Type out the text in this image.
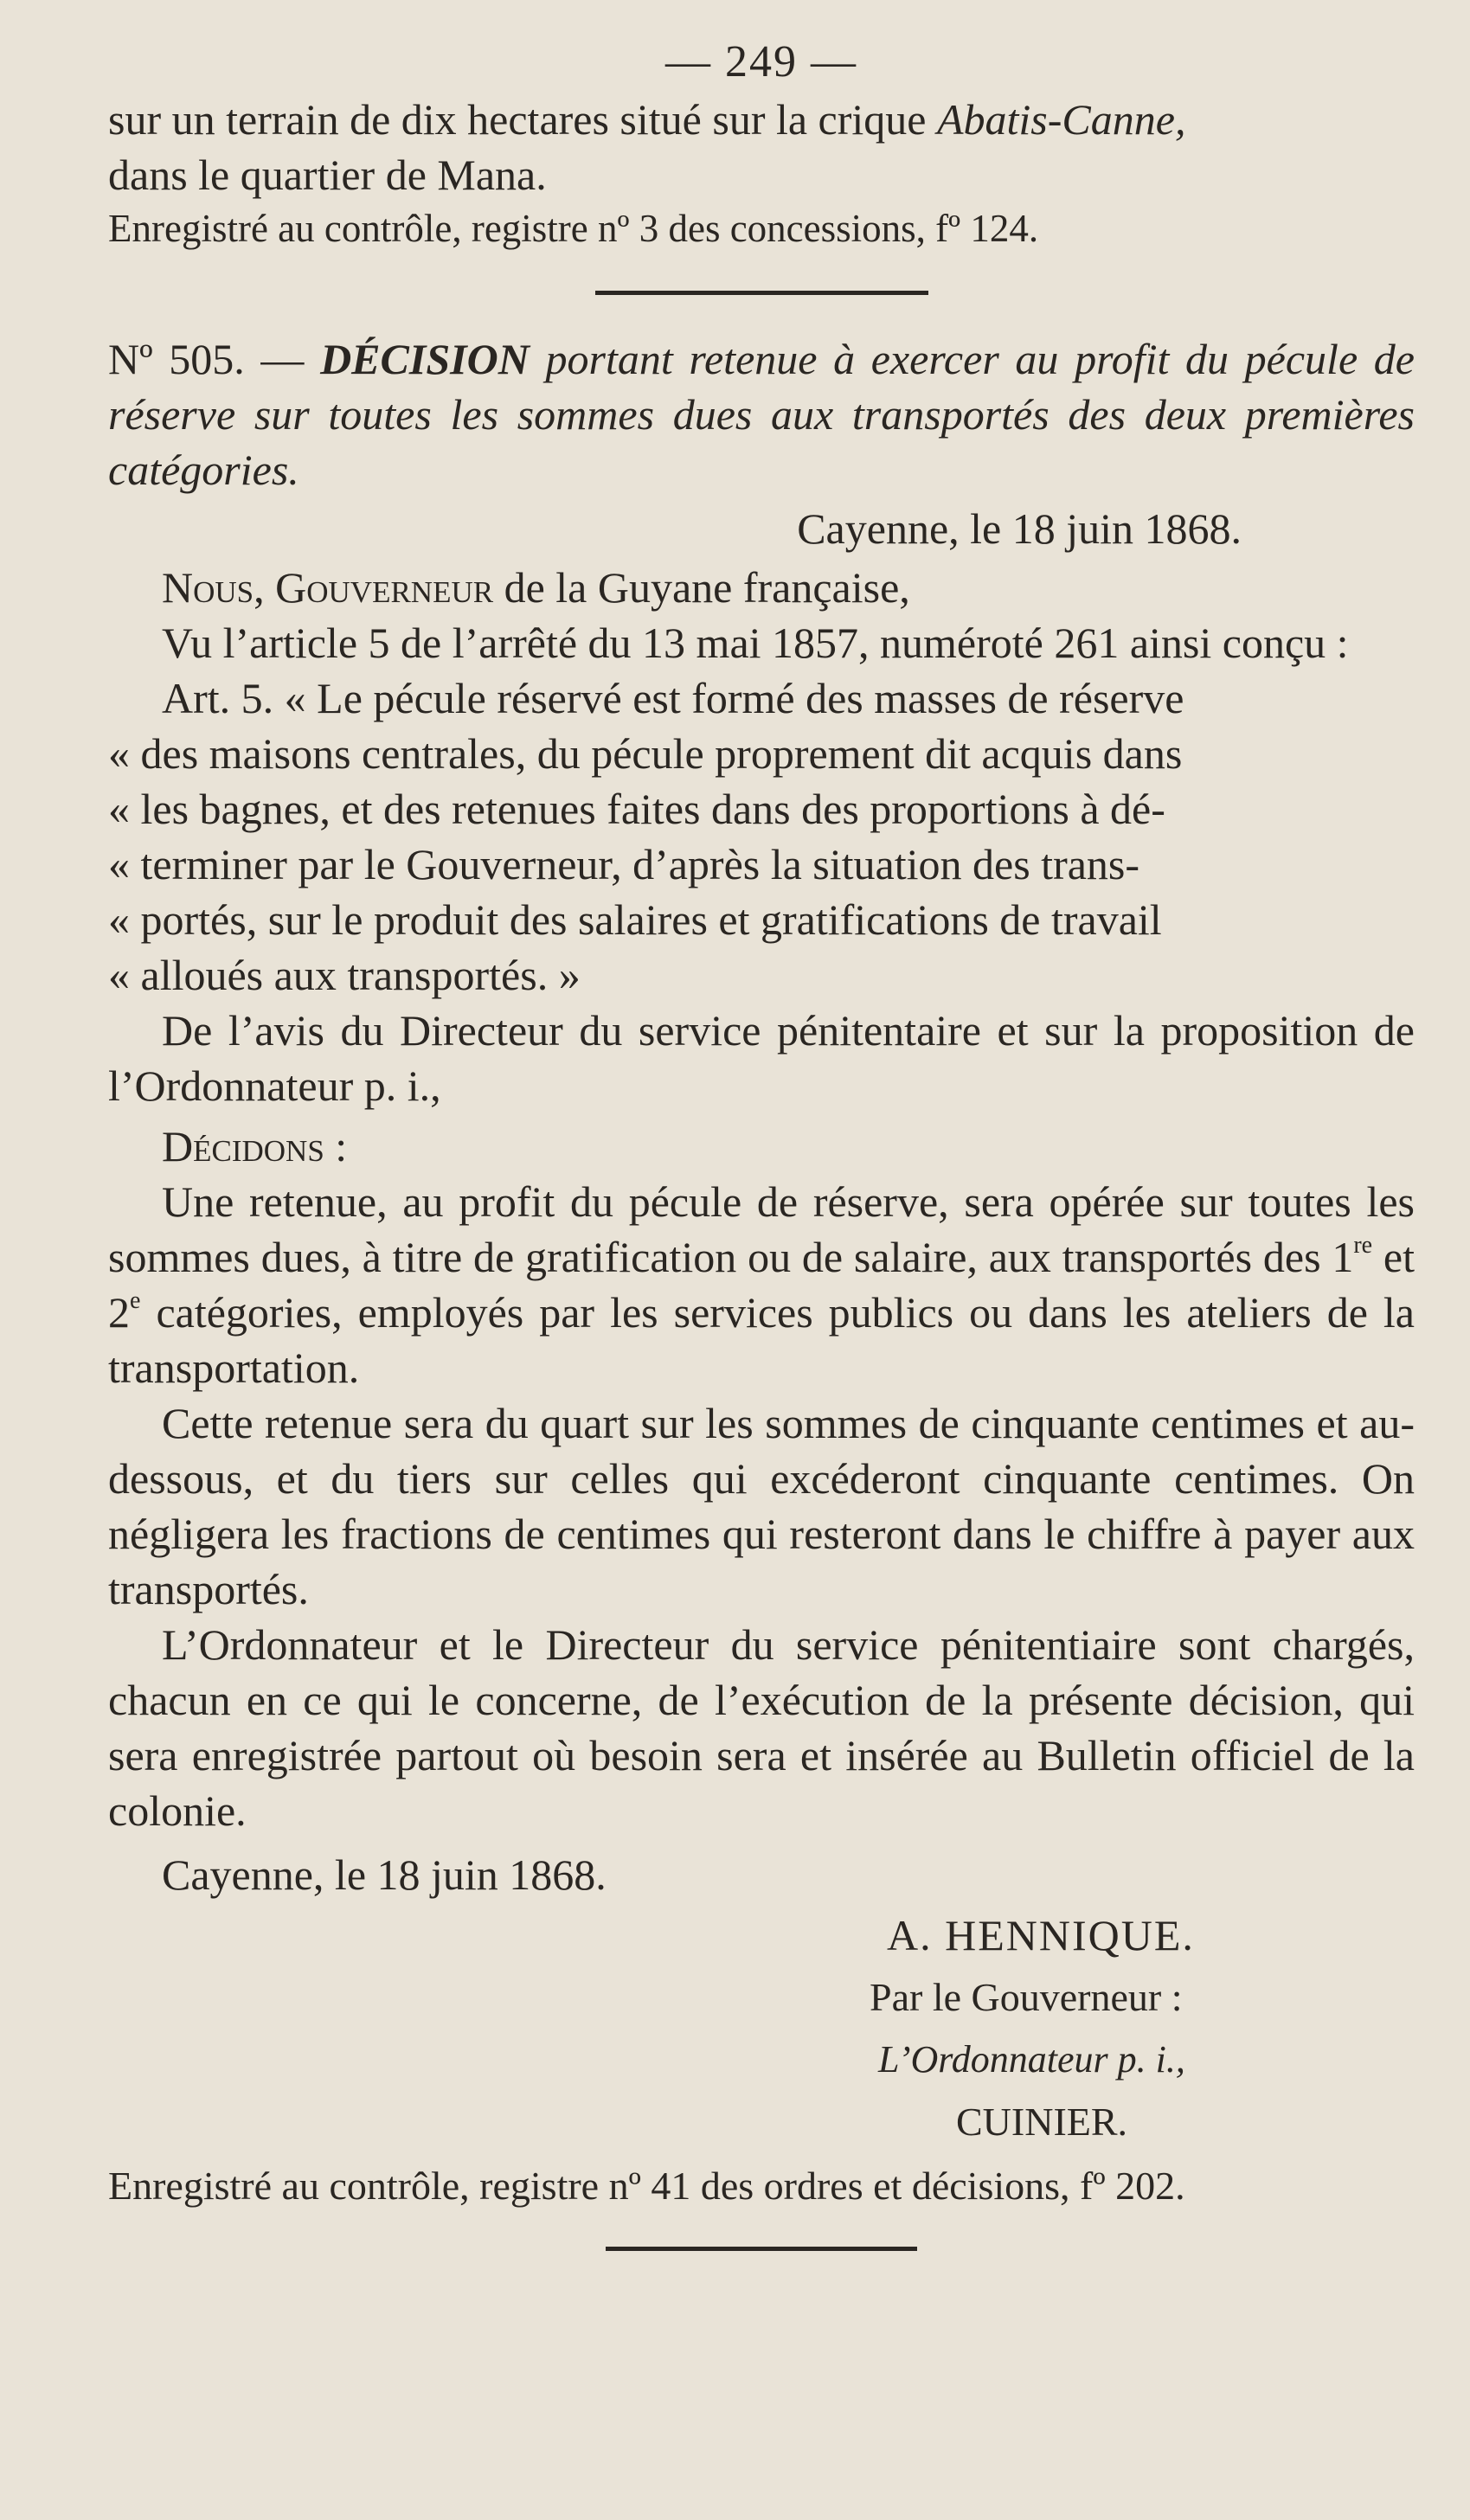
— 249 —

sur un terrain de dix hectares situé sur la crique Abatis-Canne,

dans le quartier de Mana.

Enregistré au contrôle, registre nº 3 des concessions, fº 124.

Nº 505. — DÉCISION portant retenue à exercer au profit du pécule de réserve sur toutes les sommes dues aux transportés des deux premières catégories.

Cayenne, le 18 juin 1868.

Nous, Gouverneur de la Guyane française,

Vu l’article 5 de l’arrêté du 13 mai 1857, numéroté 261 ainsi conçu :

Art. 5. « Le pécule réservé est formé des masses de réserve

« des maisons centrales, du pécule proprement dit acquis dans

« les bagnes, et des retenues faites dans des proportions à dé-

« terminer par le Gouverneur, d’après la situation des trans-

« portés, sur le produit des salaires et gratifications de travail

« alloués aux transportés. »

De l’avis du Directeur du service pénitentaire et sur la proposition de l’Ordonnateur p. i.,

Décidons :

Une retenue, au profit du pécule de réserve, sera opérée sur toutes les sommes dues, à titre de gratification ou de salaire, aux transportés des 1re et 2e catégories, employés par les services publics ou dans les ateliers de la transportation.

Cette retenue sera du quart sur les sommes de cinquante centimes et au-dessous, et du tiers sur celles qui excéderont cinquante centimes. On négligera les fractions de centimes qui resteront dans le chiffre à payer aux transportés.

L’Ordonnateur et le Directeur du service pénitentiaire sont chargés, chacun en ce qui le concerne, de l’exécution de la présente décision, qui sera enregistrée partout où besoin sera et insérée au Bulletin officiel de la colonie.

Cayenne, le 18 juin 1868.

A. HENNIQUE.

Par le Gouverneur :

L’Ordonnateur p. i.,

CUINIER.

Enregistré au contrôle, registre nº 41 des ordres et décisions, fº 202.
